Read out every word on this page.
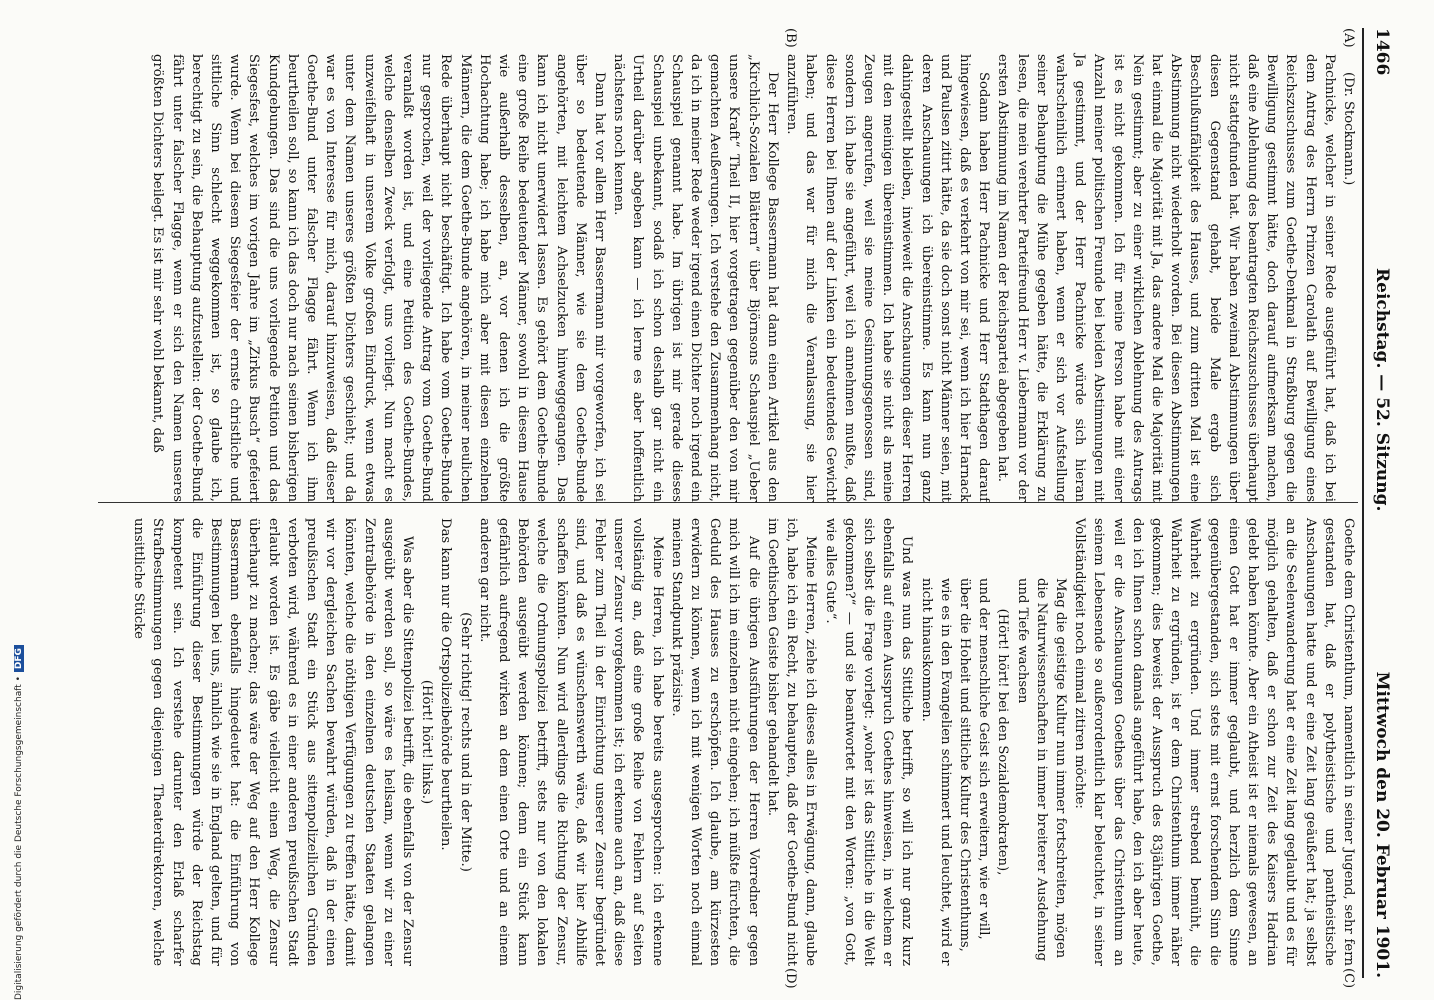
1466
Reichstag. — 52. Sitzung.
Mittwoch den 20. Februar 1901.
(A)
(B)
(C)
(D)

(Dr. Stockmann.)

Pachnicke, welcher in seiner Rede ausgeführt hat, daß ich bei dem Antrag des Herrn Prinzen Carolath auf Bewilligung eines Reichszuschusses zum Goethe-Denkmal in Straßburg gegen die Bewilligung gestimmt hätte, doch darauf aufmerksam machen, daß eine Ablehnung des beantragten Reichszuschusses überhaupt nicht stattgefunden hat. Wir haben zweimal Abstimmungen über diesen Gegenstand gehabt, beide Male ergab sich Beschlußunfähigkeit des Hauses, und zum dritten Mal ist eine Abstimmung nicht wiederholt worden. Bei diesen Abstimmungen hat einmal die Majorität mit Ja, das andere Mal die Majorität mit Nein gestimmt; aber zu einer wirklichen Ablehnung des Antrags ist es nicht gekommen. Ich für meine Person habe mit einer Anzahl meiner politischen Freunde bei beiden Abstimmungen mit Ja gestimmt, und der Herr Pachnicke würde sich hieran wahrscheinlich erinnert haben, wenn er sich vor Aufstellung seiner Behauptung die Mühe gegeben hätte, die Erklärung zu lesen, die mein verehrter Parteifreund Herr v. Liebermann vor der ersten Abstimmung im Namen der Reichspartei abgegeben hat.

Sodann haben Herr Pachnicke und Herr Stadthagen darauf hingewiesen, daß es verkehrt von mir sei, wenn ich hier Harnack und Paulsen zitirt hätte, da sie doch sonst nicht Männer seien, mit deren Anschauungen ich übereinstimme. Es kann nun ganz dahingestellt bleiben, inwieweit die Anschauungen dieser Herren mit den meinigen übereinstimmen. Ich habe sie nicht als meine Zeugen angerufen, weil sie meine Gesinnungsgenossen sind, sondern ich habe sie angeführt, weil ich annehmen mußte, daß diese Herren bei Ihnen auf der Linken ein bedeutendes Gewicht haben; und das war für mich die Veranlassung, sie hier anzuführen.

Der Herr Kollege Bassermann hat dann einen Artikel aus den „Kirchlich-Sozialen Blättern“ über Björnsons Schauspiel „Ueber unsere Kraft“ Theil II, hier vorgetragen gegenüber den von mir gemachten Aeußerungen. Ich verstehe den Zusammenhang nicht, da ich in meiner Rede weder irgend einen Dichter noch irgend ein Schauspiel genannt habe. Im übrigen ist mir gerade dieses Schauspiel unbekannt, sodaß ich schon deshalb gar nicht ein Urtheil darüber abgeben kann — ich lerne es aber hoffentlich nächstens noch kennen.

Dann hat vor allem Herr Bassermann mir vorgeworfen, ich sei über so bedeutende Männer, wie sie dem Goethe-Bunde angehörten, mit leichtem Achselzucken hinweggegangen. Das kann ich nicht unerwidert lassen. Es gehört dem Goethe-Bunde eine große Reihe bedeutender Männer, sowohl in diesem Hause wie außerhalb desselben, an, vor denen ich die größte Hochachtung habe; ich habe mich aber mit diesen einzelnen Männern, die dem Goethe-Bunde angehören, in meiner neulichen Rede überhaupt nicht beschäftigt. Ich habe vom Goethe-Bunde nur gesprochen, weil der vorliegende Antrag vom Goethe-Bund veranlaßt worden ist, und eine Petition des Goethe-Bundes, welche denselben Zweck verfolgt, uns vorliegt. Nun macht es unzweifelhaft in unserem Volke großen Eindruck, wenn etwas unter dem Namen unseres größten Dichters geschieht; und da war es von Interesse für mich, darauf hinzuweisen, daß dieser Goethe-Bund unter falscher Flagge fährt. Wenn ich ihm beurtheilen soll, so kann ich das doch nur nach seinen bisherigen Kundgebungen. Das sind die uns vorliegende Petition und das Siegesfest, welches im vorigen Jahre im „Zirkus Busch“ gefeiert wurde. Wenn bei diesem Siegesfeier der ernste christliche und sittliche Sinn schlecht weggekommen ist, so glaube ich, berechtigt zu sein, die Behauptung aufzustellen: der Goethe-Bund fährt unter falscher Flagge, wenn er sich den Namen unseres größten Dichters beilegt. Es ist mir sehr wohl bekannt, daß

Goethe dem Christenthum, namentlich in seiner Jugend, sehr fern gestanden hat, daß er polytheistische und pantheistische Anschauungen hatte und er eine Zeit lang geäußert hat; ja selbst an die Seelenwanderung hat er eine Zeit lang geglaubt und es für möglich gehalten, daß er schon zur Zeit des Kaisers Hadrian gelebt haben könnte. Aber ein Atheist ist er niemals gewesen, an einen Gott hat er immer geglaubt, und herzlich dem Sinne gegenübergestanden, sich stets mit ernst forschendem Sinn die Wahrheit zu ergründen. Und immer strebend bemüht, die Wahrheit zu ergründen, ist er dem Christenthum immer näher gekommen; dies beweist der Ausspruch des 83jährigen Goethe, den ich Ihnen schon damals angeführt habe, den ich aber heute, weil er die Anschauungen Goethes über das Christenthum an seinem Lebensende so außerordentlich klar beleuchtet, in seiner Vollständigkeit noch einmal zitiren möchte:

Mag die geistige Kultur nun immer fortschreiten, mögen die Naturwissenschaften in immer breiterer Ausdehnung und Tiefe wachsen

(Hört! hört! bei den Sozialdemokraten),

und der menschliche Geist sich erweitern, wie er will, über die Hoheit und sittliche Kultur des Christenthums, wie es in den Evangelien schimmert und leuchtet, wird er nicht hinauskommen.

Und was nun das Sittliche betrifft, so will ich nur ganz kurz ebenfalls auf einen Ausspruch Goethes hinweisen, in welchem er sich selbst die Frage vorlegt: „woher ist das Sittliche in die Welt gekommen?“ — und sie beantwortet mit den Worten: „von Gott, wie alles Gute“.

Meine Herren, ziehe ich dieses alles in Erwägung, dann, glaube ich, habe ich ein Recht, zu behaupten, daß der Goethe-Bund nicht im Goethischen Geiste bisher gehandelt hat.

Auf die übrigen Ausführungen der Herren Vorredner gegen mich will ich im einzelnen nicht eingehen; ich müßte fürchten, die Geduld des Hauses zu erschöpfen. Ich glaube, am kürzesten erwidern zu können, wenn ich mit wenigen Worten noch einmal meinen Standpunkt präzisire.

Meine Herren, ich habe bereits ausgesprochen: ich erkenne vollständig an, daß eine große Reihe von Fehlern auf Seiten unserer Zensur vorgekommen ist; ich erkenne auch an, daß diese Fehler zum Theil in der Einrichtung unserer Zensur begründet sind, und daß es wünschenswerth wäre, daß wir hier Abhilfe schaffen könnten. Nun wird allerdings die Richtung der Zensur, welche die Ordnungspolizei betrifft, stets nur von den lokalen Behörden ausgeübt werden können; denn ein Stück kann gefährlich aufregend wirken an dem einen Orte und an einem anderen gar nicht.

(Sehr richtig! rechts und in der Mitte.)

Das kann nur die Ortspolizeibehörde beurtheilen.

(Hört! hört! links.)

Was aber die Sittenpolizei betrifft, die ebenfalls von der Zensur ausgeübt werden soll, so wäre es heilsam, wenn wir zu einer Zentralbehörde in den einzelnen deutschen Staaten gelangen könnten, welche die nöthigen Verfügungen zu treffen hätte, damit wir vor dergleichen Sachen bewahrt würden, daß in der einen preußischen Stadt ein Stück aus sittenpolizeilichen Gründen verboten wird, während es in einer anderen preußischen Stadt erlaubt worden ist. Es gäbe vielleicht einen Weg, die Zensur überhaupt zu machen; das wäre der Weg auf den Herr Kollege Bassermann ebenfalls hingedeutet hat: die Einführung von Bestimmungen bei uns, ähnlich wie sie in England gelten, und für die Einführung dieser Bestimmungen würde der Reichstag kompetent sein. Ich verstehe darunter den Erlaß scharfer Strafbestimmungen gegen diejenigen Theaterdirektoren, welche unsittliche Stücke

Digitalisierung gefördert durch die Deutsche Forschungsgemeinschaft •DFG
